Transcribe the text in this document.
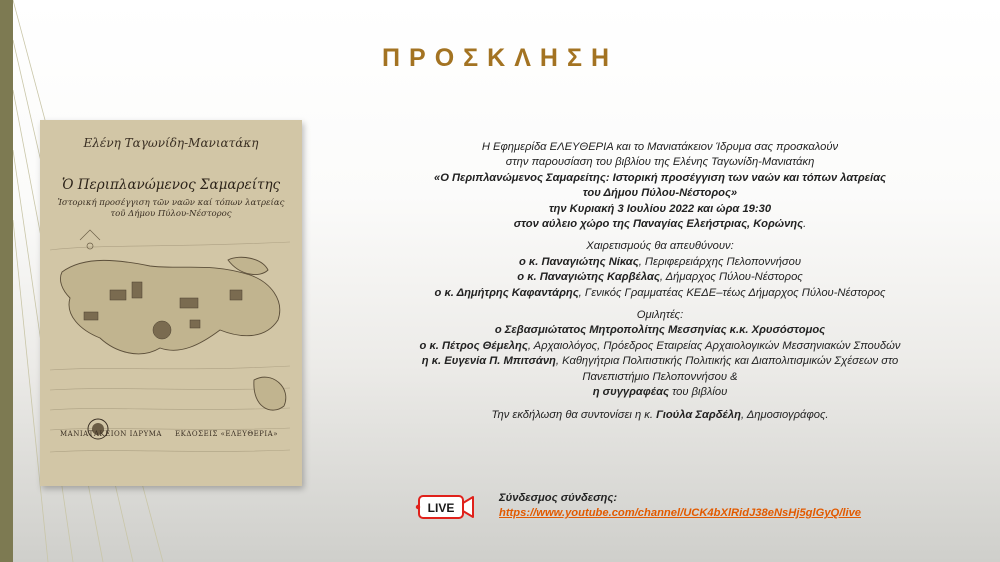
ΠΡΟΣΚΛΗΣΗ
Ελένη Ταγωνίδη-Μανιατάκη
Ὁ Περιπλανώμενος Σαμαρείτης
Ἱστορική προσέγγιση τῶν ναῶν καί τόπων λατρείας
τοῦ Δήμου Πύλου-Νέστορος
ΜΑΝΙΑΤΑΚΕΙΟΝ ΙΔΡΥΜΑ ΕΚΔΟΣΕΙΣ «ΕΛΕΥΘΕΡΙΑ»

Η Εφημερίδα ΕΛΕΥΘΕΡΙΑ και το Μανιατάκειον Ίδρυμα σας προσκαλούν

στην παρουσίαση του βιβλίου της Ελένης Ταγωνίδη-Μανιατάκη

«Ο Περιπλανώμενος Σαμαρείτης: Ιστορική προσέγγιση των ναών και τόπων λατρείας

του Δήμου Πύλου-Νέστορος»

την Κυριακή 3 Ιουλίου 2022 και ώρα 19:30

στον αύλειο χώρο της Παναγίας Ελεήστριας, Κορώνης.

Χαιρετισμούς θα απευθύνουν:

ο κ. Παναγιώτης Νίκας, Περιφερειάρχης Πελοποννήσου

ο κ. Παναγιώτης Καρβέλας, Δήμαρχος Πύλου-Νέστορος

ο κ. Δημήτρης Καφαντάρης, Γενικός Γραμματέας ΚΕΔΕ–τέως Δήμαρχος Πύλου-Νέστορος

Ομιλητές:

ο Σεβασμιώτατος Μητροπολίτης Μεσσηνίας κ.κ. Χρυσόστομος

ο κ. Πέτρος Θέμελης, Αρχαιολόγος, Πρόεδρος Εταιρείας Αρχαιολογικών Μεσσηνιακών Σπουδών

η κ. Ευγενία Π. Μπιτσάνη, Καθηγήτρια Πολιτιστικής Πολιτικής και Διαπολιτισμικών Σχέσεων στο

Πανεπιστήμιο Πελοποννήσου &

η συγγραφέας του βιβλίου

Την εκδήλωση θα συντονίσει η κ. Γιούλα Σαρδέλη, Δημοσιογράφος.

LIVE

Σύνδεσμος σύνδεσης:

https://www.youtube.com/channel/UCK4bXlRidJ38eNsHj5glGyQ/live
